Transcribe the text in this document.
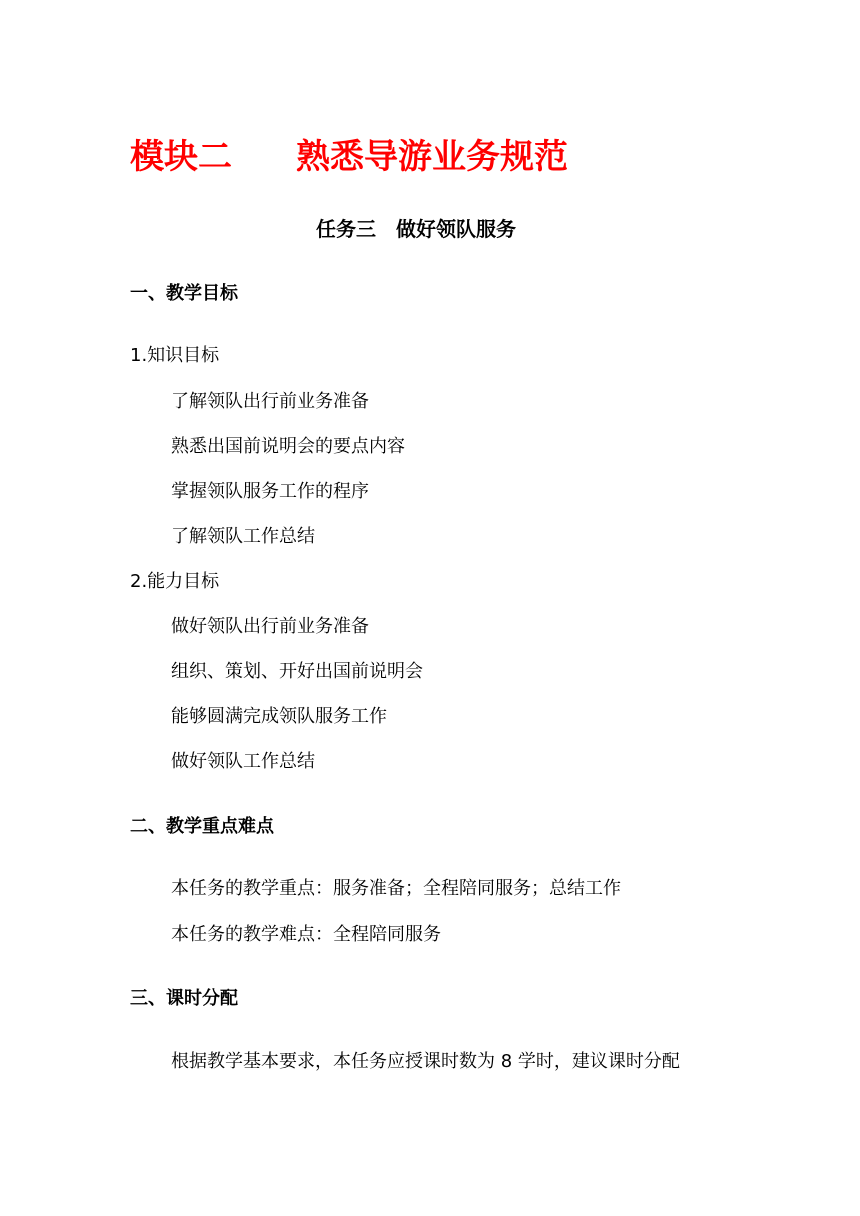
模块二 熟悉导游业务规范
任务三 做好领队服务
一、教学目标
1.知识目标
了解领队出行前业务准备
熟悉出国前说明会的要点内容
掌握领队服务工作的程序
了解领队工作总结
2.能力目标
做好领队出行前业务准备
组织、策划、开好出国前说明会
能够圆满完成领队服务工作
做好领队工作总结
二、教学重点难点
本任务的教学重点：服务准备；全程陪同服务；总结工作
本任务的教学难点：全程陪同服务
三、课时分配
根据教学基本要求，本任务应授课时数为 8 学时，建议课时分配
